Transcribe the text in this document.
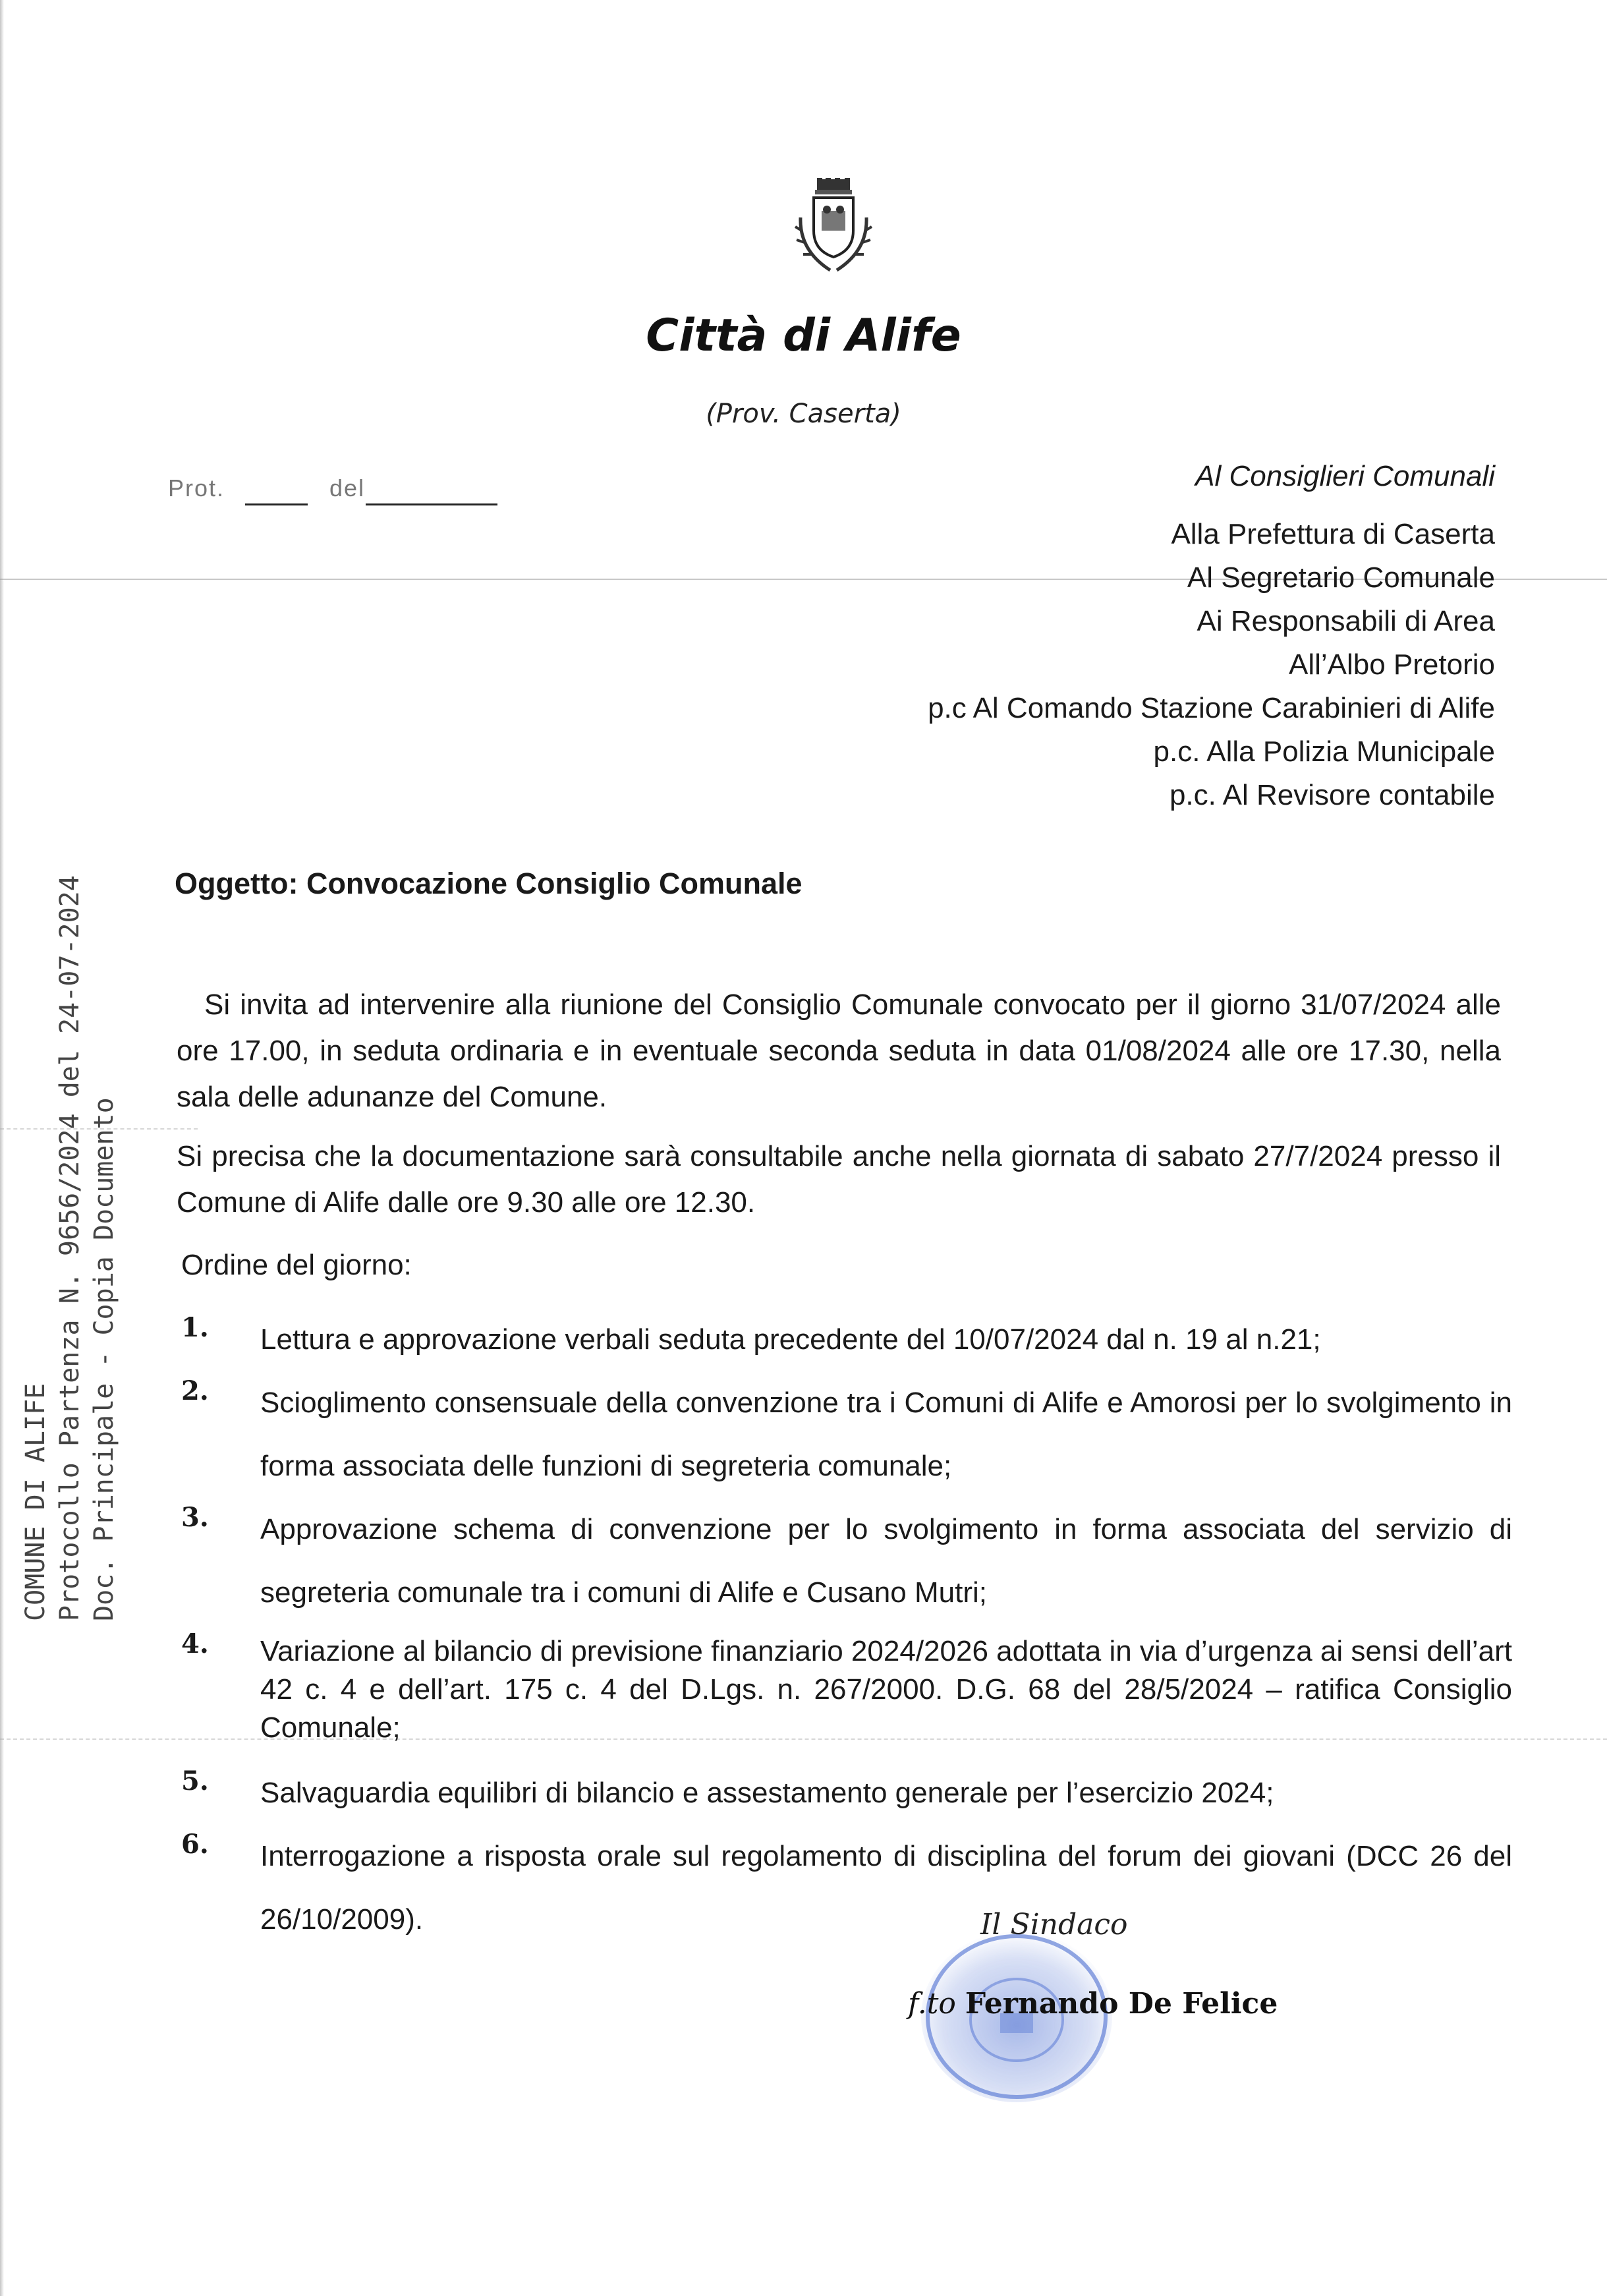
Città di Alife
(Prov. Caserta)
Prot.	del	Al Consiglieri Comunali
Alla Prefettura di Caserta
Al Segretario Comunale
Ai Responsabili di Area
All’Albo Pretorio
p.c Al Comando Stazione Carabinieri di Alife
p.c. Alla Polizia Municipale
p.c. Al Revisore contabile
Oggetto: Convocazione Consiglio Comunale
Si invita ad intervenire alla riunione del Consiglio Comunale convocato per il giorno 31/07/2024 alle ore 17.00, in seduta ordinaria e in eventuale seconda seduta in data 01/08/2024 alle ore 17.30, nella sala delle adunanze del Comune.
Si precisa che la documentazione sarà consultabile anche nella giornata di sabato 27/7/2024 presso il Comune di Alife dalle ore 9.30 alle ore 12.30.
Ordine del giorno:
1.	Lettura e approvazione verbali seduta precedente del 10/07/2024 dal n. 19 al n.21;
2.	Scioglimento consensuale della convenzione tra i Comuni di Alife e Amorosi per lo svolgimento in forma associata delle funzioni di segreteria comunale;
3.	Approvazione schema di convenzione per lo svolgimento in forma associata del servizio di segreteria comunale tra i comuni di Alife e Cusano Mutri;
4.	Variazione al bilancio di previsione finanziario 2024/2026 adottata in via d’urgenza ai sensi dell’art 42 c. 4 e dell’art. 175 c. 4 del D.Lgs. n. 267/2000. D.G. 68 del 28/5/2024 – ratifica Consiglio Comunale;
5.	Salvaguardia equilibri di bilancio e assestamento generale per l’esercizio 2024;
6.	Interrogazione a risposta orale sul regolamento di disciplina del forum dei giovani (DCC 26 del 26/10/2009).
COMUNE DI ALIFE Protocollo Partenza N. 9656/2024 del 24-07-2024 Doc. Principale - Copia Documento
Il Sindaco
f.to Fernando De Felice
